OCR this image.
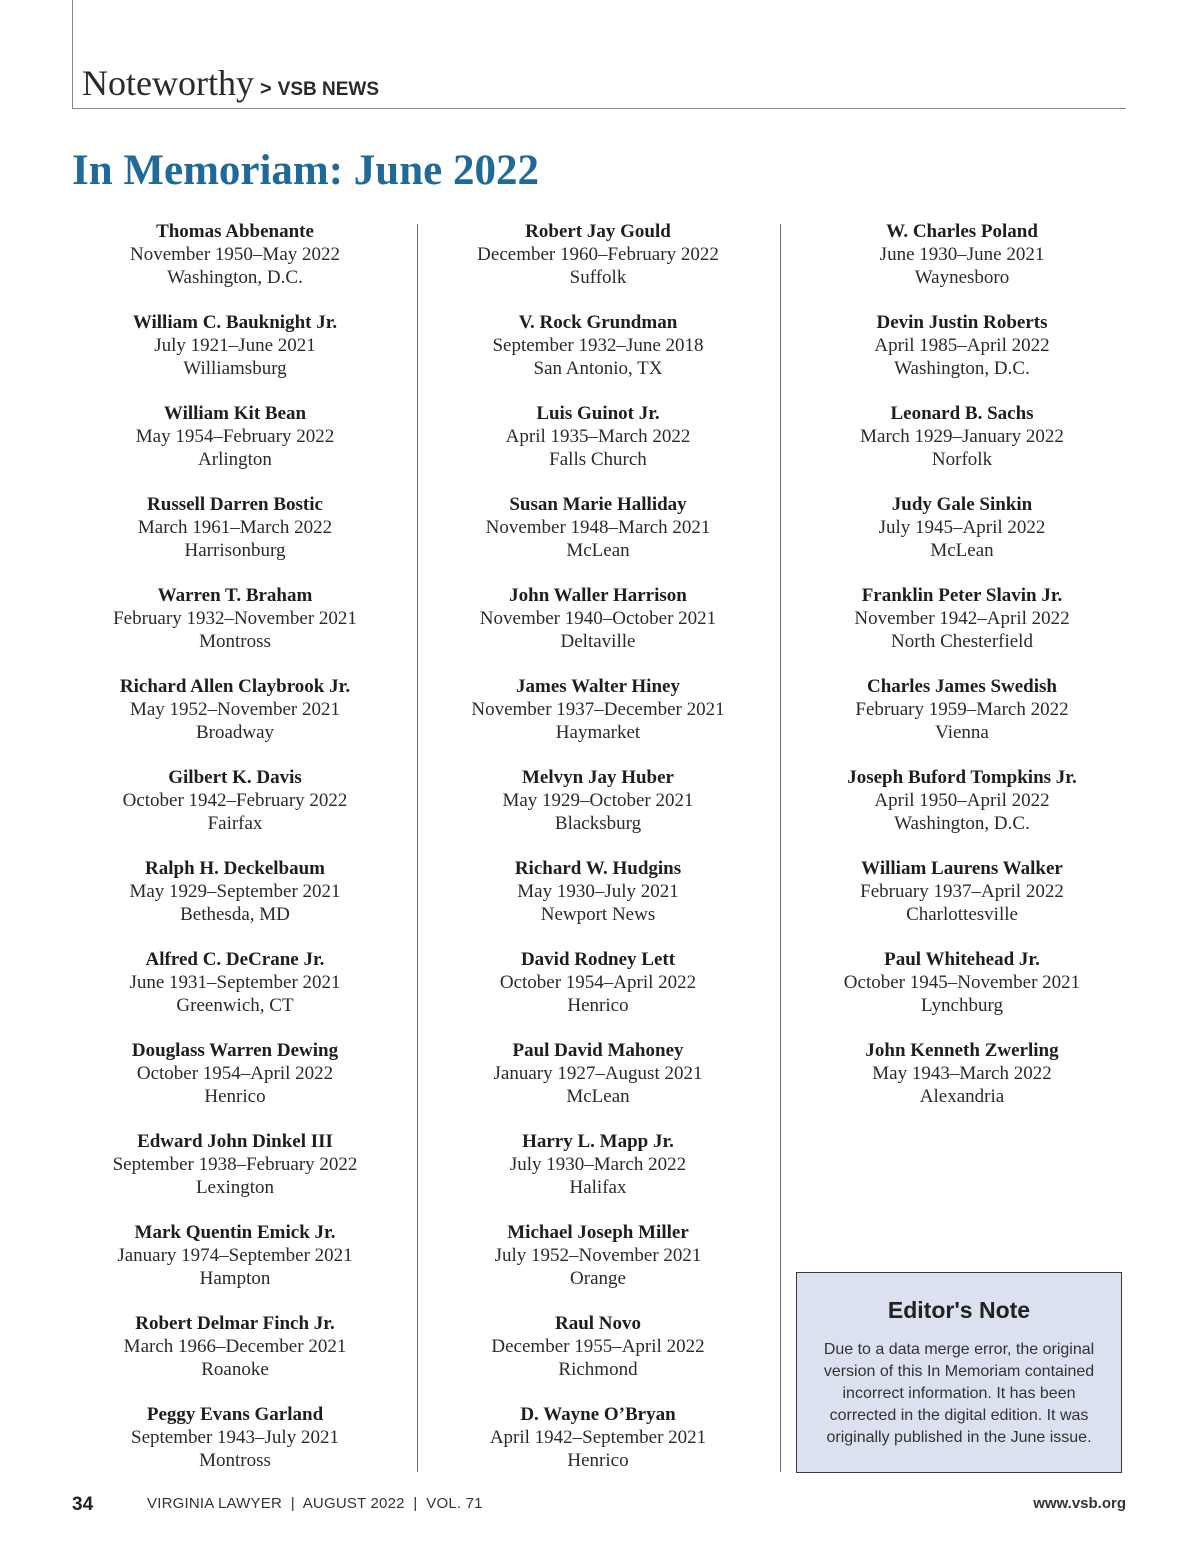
Noteworthy > VSB NEWS
In Memoriam: June 2022
Thomas Abbenante
November 1950–May 2022
Washington, D.C.
William C. Bauknight Jr.
July 1921–June 2021
Williamsburg
William Kit Bean
May 1954–February 2022
Arlington
Russell Darren Bostic
March 1961–March 2022
Harrisonburg
Warren T. Braham
February 1932–November 2021
Montross
Richard Allen Claybrook Jr.
May 1952–November 2021
Broadway
Gilbert K. Davis
October 1942–February 2022
Fairfax
Ralph H. Deckelbaum
May 1929–September 2021
Bethesda, MD
Alfred C. DeCrane Jr.
June 1931–September 2021
Greenwich, CT
Douglass Warren Dewing
October 1954–April 2022
Henrico
Edward John Dinkel III
September 1938–February 2022
Lexington
Mark Quentin Emick Jr.
January 1974–September 2021
Hampton
Robert Delmar Finch Jr.
March 1966–December 2021
Roanoke
Peggy Evans Garland
September 1943–July 2021
Montross
Robert Jay Gould
December 1960–February 2022
Suffolk
V. Rock Grundman
September 1932–June 2018
San Antonio, TX
Luis Guinot Jr.
April 1935–March 2022
Falls Church
Susan Marie Halliday
November 1948–March 2021
McLean
John Waller Harrison
November 1940–October 2021
Deltaville
James Walter Hiney
November 1937–December 2021
Haymarket
Melvyn Jay Huber
May 1929–October 2021
Blacksburg
Richard W. Hudgins
May 1930–July 2021
Newport News
David Rodney Lett
October 1954–April 2022
Henrico
Paul David Mahoney
January 1927–August 2021
McLean
Harry L. Mapp Jr.
July 1930–March 2022
Halifax
Michael Joseph Miller
July 1952–November 2021
Orange
Raul Novo
December 1955–April 2022
Richmond
D. Wayne O’Bryan
April 1942–September 2021
Henrico
W. Charles Poland
June 1930–June 2021
Waynesboro
Devin Justin Roberts
April 1985–April 2022
Washington, D.C.
Leonard B. Sachs
March 1929–January 2022
Norfolk
Judy Gale Sinkin
July 1945–April 2022
McLean
Franklin Peter Slavin Jr.
November 1942–April 2022
North Chesterfield
Charles James Swedish
February 1959–March 2022
Vienna
Joseph Buford Tompkins Jr.
April 1950–April 2022
Washington, D.C.
William Laurens Walker
February 1937–April 2022
Charlottesville
Paul Whitehead Jr.
October 1945–November 2021
Lynchburg
John Kenneth Zwerling
May 1943–March 2022
Alexandria
Editor's Note
Due to a data merge error, the original
version of this In Memoriam contained
incorrect information. It has been
corrected in the digital edition. It was
originally published in the June issue.
34	VIRGINIA LAWYER  |  AUGUST 2022  |  VOL. 71	www.vsb.org
